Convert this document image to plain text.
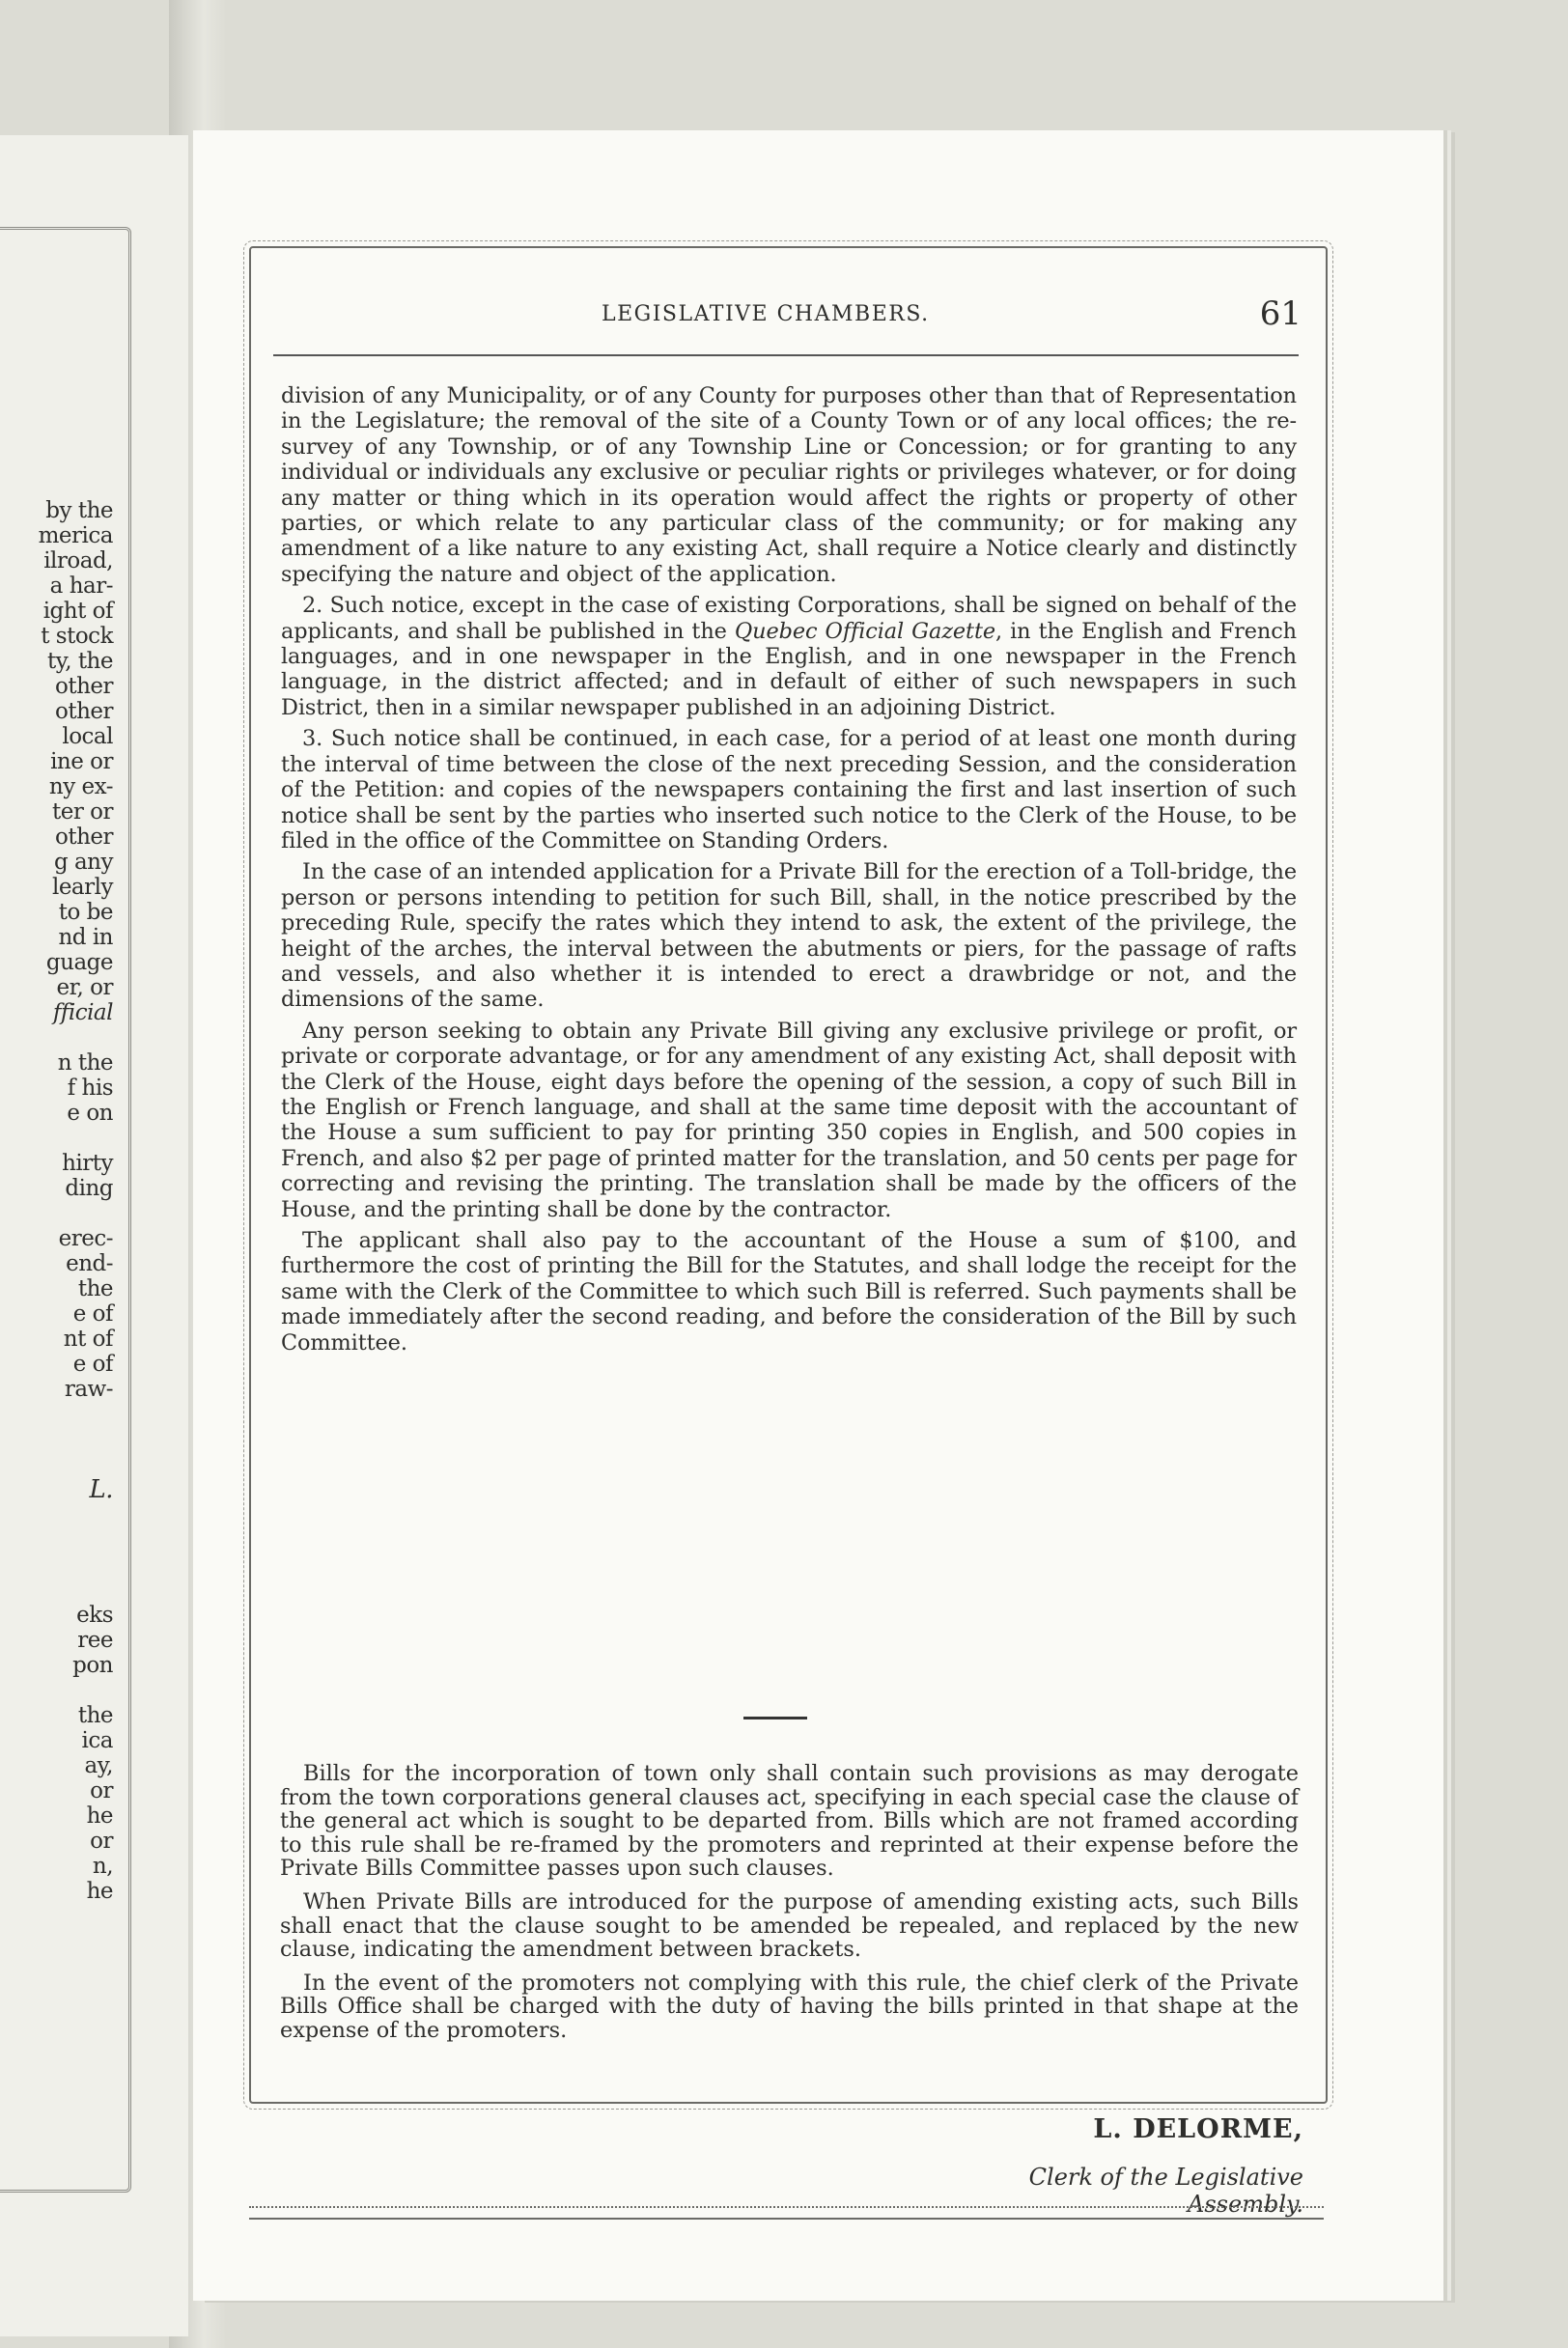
by the
merica
ilroad,
a har-
ight of
t stock
ty, the
other
other
local
ine or
ny ex-
ter or
other
g any
learly
to be
nd in
guage
er, or
fficial
n the
f his
e on
hirty
ding
erec-
end-
the
e of
nt of
e of
raw-
L.
eks
ree
pon
the
ica
ay,
or
he
or
n,
he
LEGISLATIVE CHAMBERS.	61

division of any Municipality, or of any County for purposes other than that of Representation in the Legislature; the removal of the site of a County Town or of any local offices; the re-survey of any Township, or of any Township Line or Concession; or for granting to any individual or individuals any exclusive or peculiar rights or privileges whatever, or for doing any matter or thing which in its operation would affect the rights or property of other parties, or which relate to any particular class of the community; or for making any amendment of a like nature to any existing Act, shall require a Notice clearly and distinctly specifying the nature and object of the application.

2. Such notice, except in the case of existing Corporations, shall be signed on behalf of the applicants, and shall be published in the Quebec Official Gazette, in the English and French languages, and in one newspaper in the English, and in one newspaper in the French language, in the district affected; and in default of either of such newspapers in such District, then in a similar newspaper published in an adjoining District.

3. Such notice shall be continued, in each case, for a period of at least one month during the interval of time between the close of the next preceding Session, and the consideration of the Petition: and copies of the newspapers containing the first and last insertion of such notice shall be sent by the parties who inserted such notice to the Clerk of the House, to be filed in the office of the Committee on Standing Orders.

In the case of an intended application for a Private Bill for the erection of a Toll-bridge, the person or persons intending to petition for such Bill, shall, in the notice prescribed by the preceding Rule, specify the rates which they intend to ask, the extent of the privilege, the height of the arches, the interval between the abutments or piers, for the passage of rafts and vessels, and also whether it is intended to erect a drawbridge or not, and the dimensions of the same.

Any person seeking to obtain any Private Bill giving any exclusive privilege or profit, or private or corporate advantage, or for any amendment of any existing Act, shall deposit with the Clerk of the House, eight days before the opening of the session, a copy of such Bill in the English or French language, and shall at the same time deposit with the accountant of the House a sum sufficient to pay for printing 350 copies in English, and 500 copies in French, and also $2 per page of printed matter for the translation, and 50 cents per page for correcting and revising the printing. The translation shall be made by the officers of the House, and the printing shall be done by the contractor.

The applicant shall also pay to the accountant of the House a sum of $100, and furthermore the cost of printing the Bill for the Statutes, and shall lodge the receipt for the same with the Clerk of the Committee to which such Bill is referred. Such payments shall be made immediately after the second reading, and before the consideration of the Bill by such Committee.

Bills for the incorporation of town only shall contain such provisions as may derogate from the town corporations general clauses act, specifying in each special case the clause of the general act which is sought to be departed from. Bills which are not framed according to this rule shall be re-framed by the promoters and reprinted at their expense before the Private Bills Committee passes upon such clauses.

When Private Bills are introduced for the purpose of amending existing acts, such Bills shall enact that the clause sought to be amended be repealed, and replaced by the new clause, indicating the amendment between brackets.

In the event of the promoters not complying with this rule, the chief clerk of the Private Bills Office shall be charged with the duty of having the bills printed in that shape at the expense of the promoters.

L. DELORME,
Clerk of the Legislative Assembly.
